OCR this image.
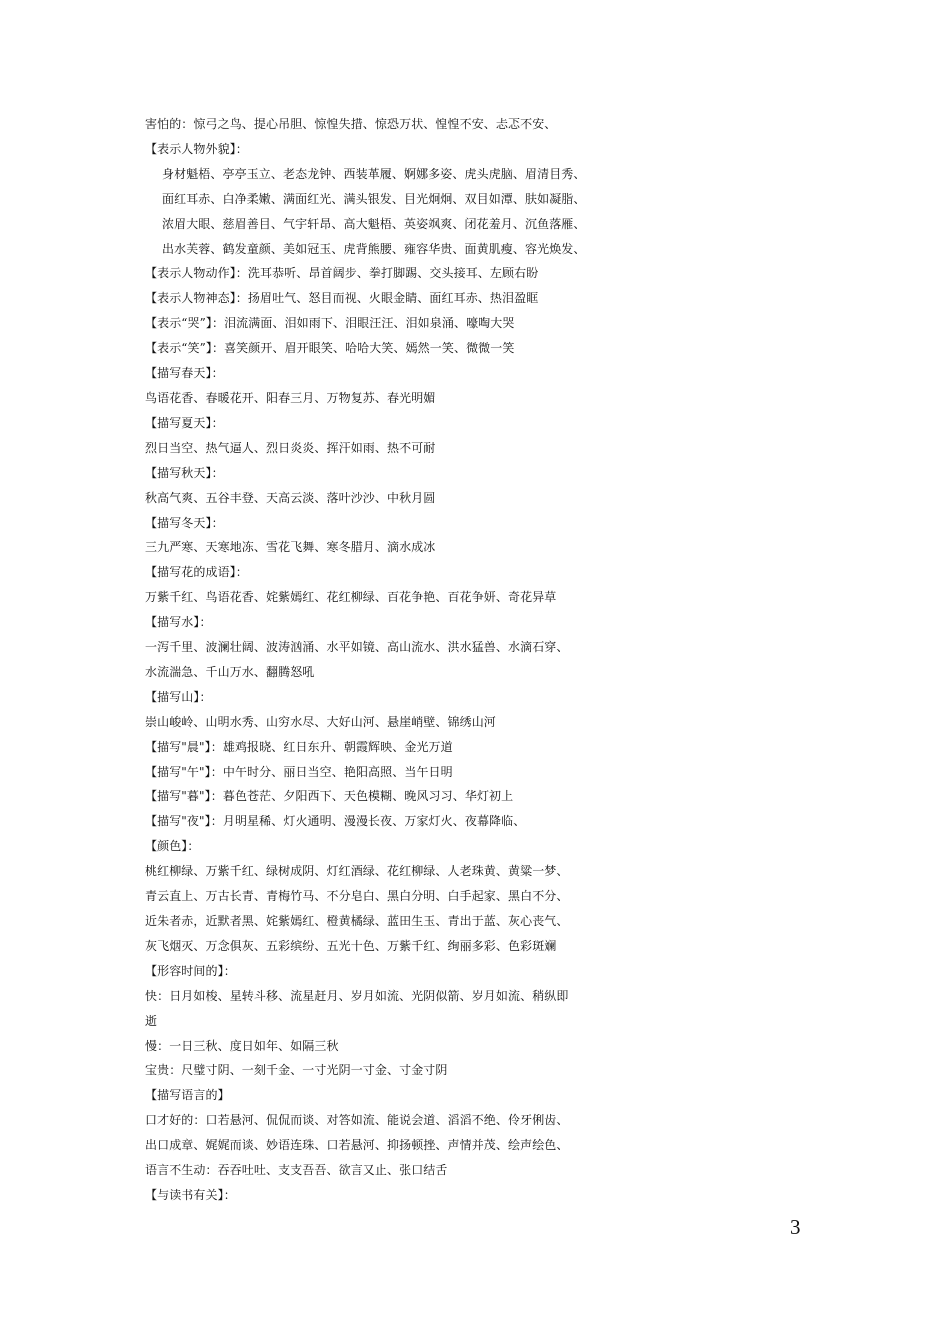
害怕的：惊弓之鸟、提心吊胆、惊惶失措、惊恐万状、惶惶不安、忐忑不安、
【表示人物外貌】：
身材魁梧、亭亭玉立、老态龙钟、西装革履、婀娜多姿、虎头虎脑、眉清目秀、
面红耳赤、白净柔嫩、满面红光、满头银发、目光炯炯、双目如潭、肤如凝脂、
浓眉大眼、慈眉善目、气宇轩昂、高大魁梧、英姿飒爽、闭花羞月、沉鱼落雁、
出水芙蓉、鹤发童颜、美如冠玉、虎背熊腰、雍容华贵、面黄肌瘦、容光焕发、
【表示人物动作】：洗耳恭听、昂首阔步、拳打脚踢、交头接耳、左顾右盼
【表示人物神态】：扬眉吐气、怒目而视、火眼金睛、面红耳赤、热泪盈眶
【表示“哭”】：泪流满面、泪如雨下、泪眼汪汪、泪如泉涌、嚎啕大哭
【表示“笑”】：喜笑颜开、眉开眼笑、哈哈大笑、嫣然一笑、微微一笑
【描写春天】：
鸟语花香、春暖花开、阳春三月、万物复苏、春光明媚
【描写夏天】：
烈日当空、热气逼人、烈日炎炎、挥汗如雨、热不可耐
【描写秋天】：
秋高气爽、五谷丰登、天高云淡、落叶沙沙、中秋月圆
【描写冬天】：
三九严寒、天寒地冻、雪花飞舞、寒冬腊月、滴水成冰
【描写花的成语】：
万紫千红、鸟语花香、姹紫嫣红、花红柳绿、百花争艳、百花争妍、奇花异草
【描写水】：
一泻千里、波澜壮阔、波涛汹涌、水平如镜、高山流水、洪水猛兽、水滴石穿、
水流湍急、千山万水、翻腾怒吼
【描写山】：
崇山峻岭、山明水秀、山穷水尽、大好山河、悬崖峭壁、锦绣山河
【描写"晨"】：雄鸡报晓、红日东升、朝霞辉映、金光万道
【描写"午"】：中午时分、丽日当空、艳阳高照、当午日明
【描写"暮"】：暮色苍茫、夕阳西下、天色模糊、晚风习习、华灯初上
【描写"夜"】：月明星稀、灯火通明、漫漫长夜、万家灯火、夜幕降临、
【颜色】：
桃红柳绿、万紫千红、绿树成阴、灯红酒绿、花红柳绿、人老珠黄、黄粱一梦、
青云直上、万古长青、青梅竹马、不分皂白、黑白分明、白手起家、黑白不分、
近朱者赤，近默者黑、姹紫嫣红、橙黄橘绿、蓝田生玉、青出于蓝、灰心丧气、
灰飞烟灭、万念俱灰、五彩缤纷、五光十色、万紫千红、绚丽多彩、色彩斑斓
【形容时间的】：
快：日月如梭、星转斗移、流星赶月、岁月如流、光阴似箭、岁月如流、稍纵即
逝
慢：一日三秋、度日如年、如隔三秋
宝贵：尺璧寸阴、一刻千金、一寸光阴一寸金、寸金寸阴
【描写语言的】
口才好的：口若悬河、侃侃而谈、对答如流、能说会道、滔滔不绝、伶牙俐齿、
出口成章、娓娓而谈、妙语连珠、口若悬河、抑扬顿挫、声情并茂、绘声绘色、
语言不生动：吞吞吐吐、支支吾吾、欲言又止、张口结舌
【与读书有关】：
3
